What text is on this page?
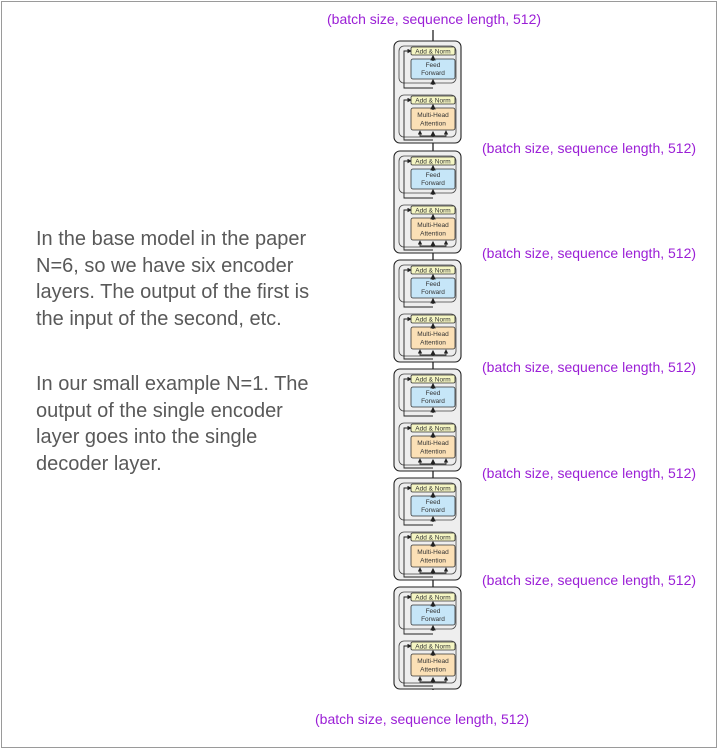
In the base model in the paper N=6, so we have six encoder layers. The output of the first is the input of the second, etc.

In our small example N=1. The output of the single encoder layer goes into the single decoder layer.

(batch size, sequence length, 512)
(batch size, sequence length, 512)
(batch size, sequence length, 512)
(batch size, sequence length, 512)
(batch size, sequence length, 512)
(batch size, sequence length, 512)
(batch size, sequence length, 512)
Add & Norm
Feed
Forward
Add & Norm
Multi-Head
Attention
Add & Norm
Feed
Forward
Add & Norm
Multi-Head
Attention
Add & Norm
Feed
Forward
Add & Norm
Multi-Head
Attention
Add & Norm
Feed
Forward
Add & Norm
Multi-Head
Attention
Add & Norm
Feed
Forward
Add & Norm
Multi-Head
Attention
Add & Norm
Feed
Forward
Add & Norm
Multi-Head
Attention
